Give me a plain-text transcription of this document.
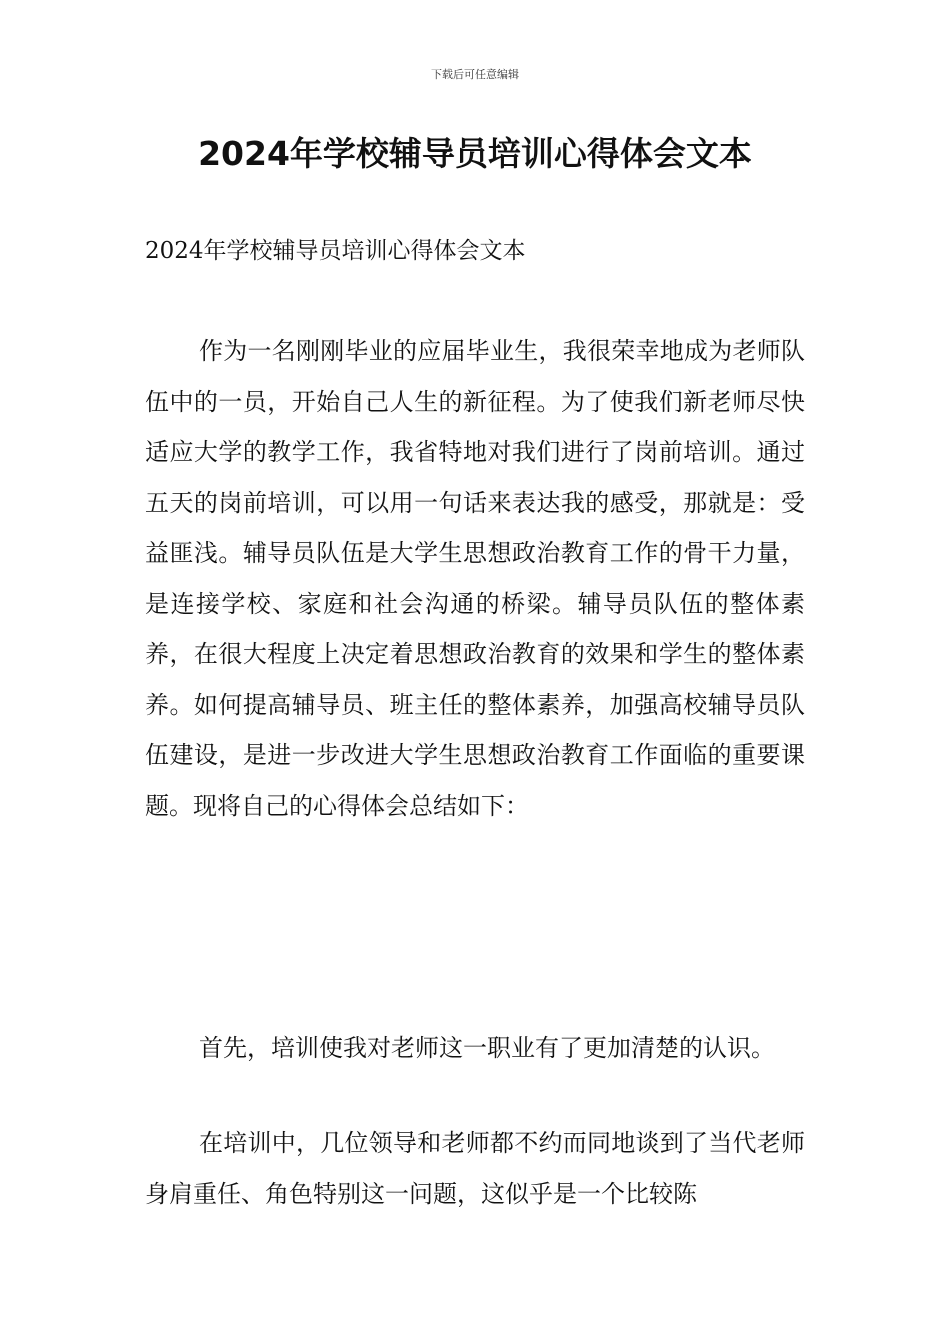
下载后可任意编辑
2024年学校辅导员培训心得体会文本
2024年学校辅导员培训心得体会文本
作为一名刚刚毕业的应届毕业生，我很荣幸地成为老师队伍中的一员，开始自己人生的新征程。为了使我们新老师尽快适应大学的教学工作，我省特地对我们进行了岗前培训。通过五天的岗前培训，可以用一句话来表达我的感受，那就是：受益匪浅。辅导员队伍是大学生思想政治教育工作的骨干力量，是连接学校、家庭和社会沟通的桥梁。辅导员队伍的整体素养，在很大程度上决定着思想政治教育的效果和学生的整体素养。如何提高辅导员、班主任的整体素养，加强高校辅导员队伍建设，是进一步改进大学生思想政治教育工作面临的重要课题。现将自己的心得体会总结如下：
首先，培训使我对老师这一职业有了更加清楚的认识。
在培训中，几位领导和老师都不约而同地谈到了当代老师身肩重任、角色特别这一问题，这似乎是一个比较陈
